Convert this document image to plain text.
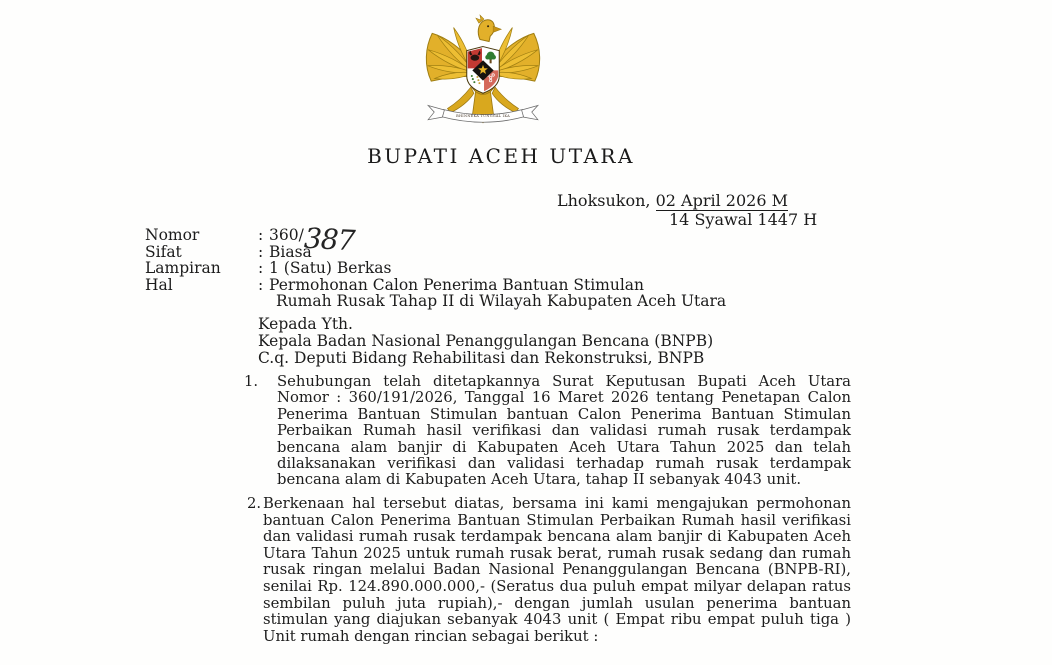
BHINNEKA TUNGGAL IKA
BUPATI ACEH UTARA
Lhoksukon, 02 April 2026 M
14 Syawal 1447 H
Nomor	: 360/387
Sifat	: Biasa
Lampiran	: 1 (Satu) Berkas
Hal	: Permohonan Calon Penerima Bantuan Stimulan
Rumah Rusak Tahap II di Wilayah Kabupaten Aceh Utara
Kepada Yth.
Kepala Badan Nasional Penanggulangan Bencana (BNPB)
C.q. Deputi Bidang Rehabilitasi dan Rekonstruksi, BNPB
1. Sehubungan telah ditetapkannya Surat Keputusan Bupati Aceh Utara Nomor : 360/191/2026, Tanggal 16 Maret 2026 tentang Penetapan Calon Penerima Bantuan Stimulan bantuan Calon Penerima Bantuan Stimulan Perbaikan Rumah hasil verifikasi dan validasi rumah rusak terdampak bencana alam banjir di Kabupaten Aceh Utara Tahun 2025 dan telah dilaksanakan verifikasi dan validasi terhadap rumah rusak terdampak bencana alam di Kabupaten Aceh Utara, tahap II sebanyak 4043 unit.
2. Berkenaan hal tersebut diatas, bersama ini kami mengajukan permohonan bantuan Calon Penerima Bantuan Stimulan Perbaikan Rumah hasil verifikasi dan validasi rumah rusak terdampak bencana alam banjir di Kabupaten Aceh Utara Tahun 2025 untuk rumah rusak berat, rumah rusak sedang dan rumah rusak ringan melalui Badan Nasional Penanggulangan Bencana (BNPB-RI), senilai Rp. 124.890.000.000,- (Seratus dua puluh empat milyar delapan ratus sembilan puluh juta rupiah),- dengan jumlah usulan penerima bantuan stimulan yang diajukan sebanyak 4043 unit ( Empat ribu empat puluh tiga ) Unit rumah dengan rincian sebagai berikut :
